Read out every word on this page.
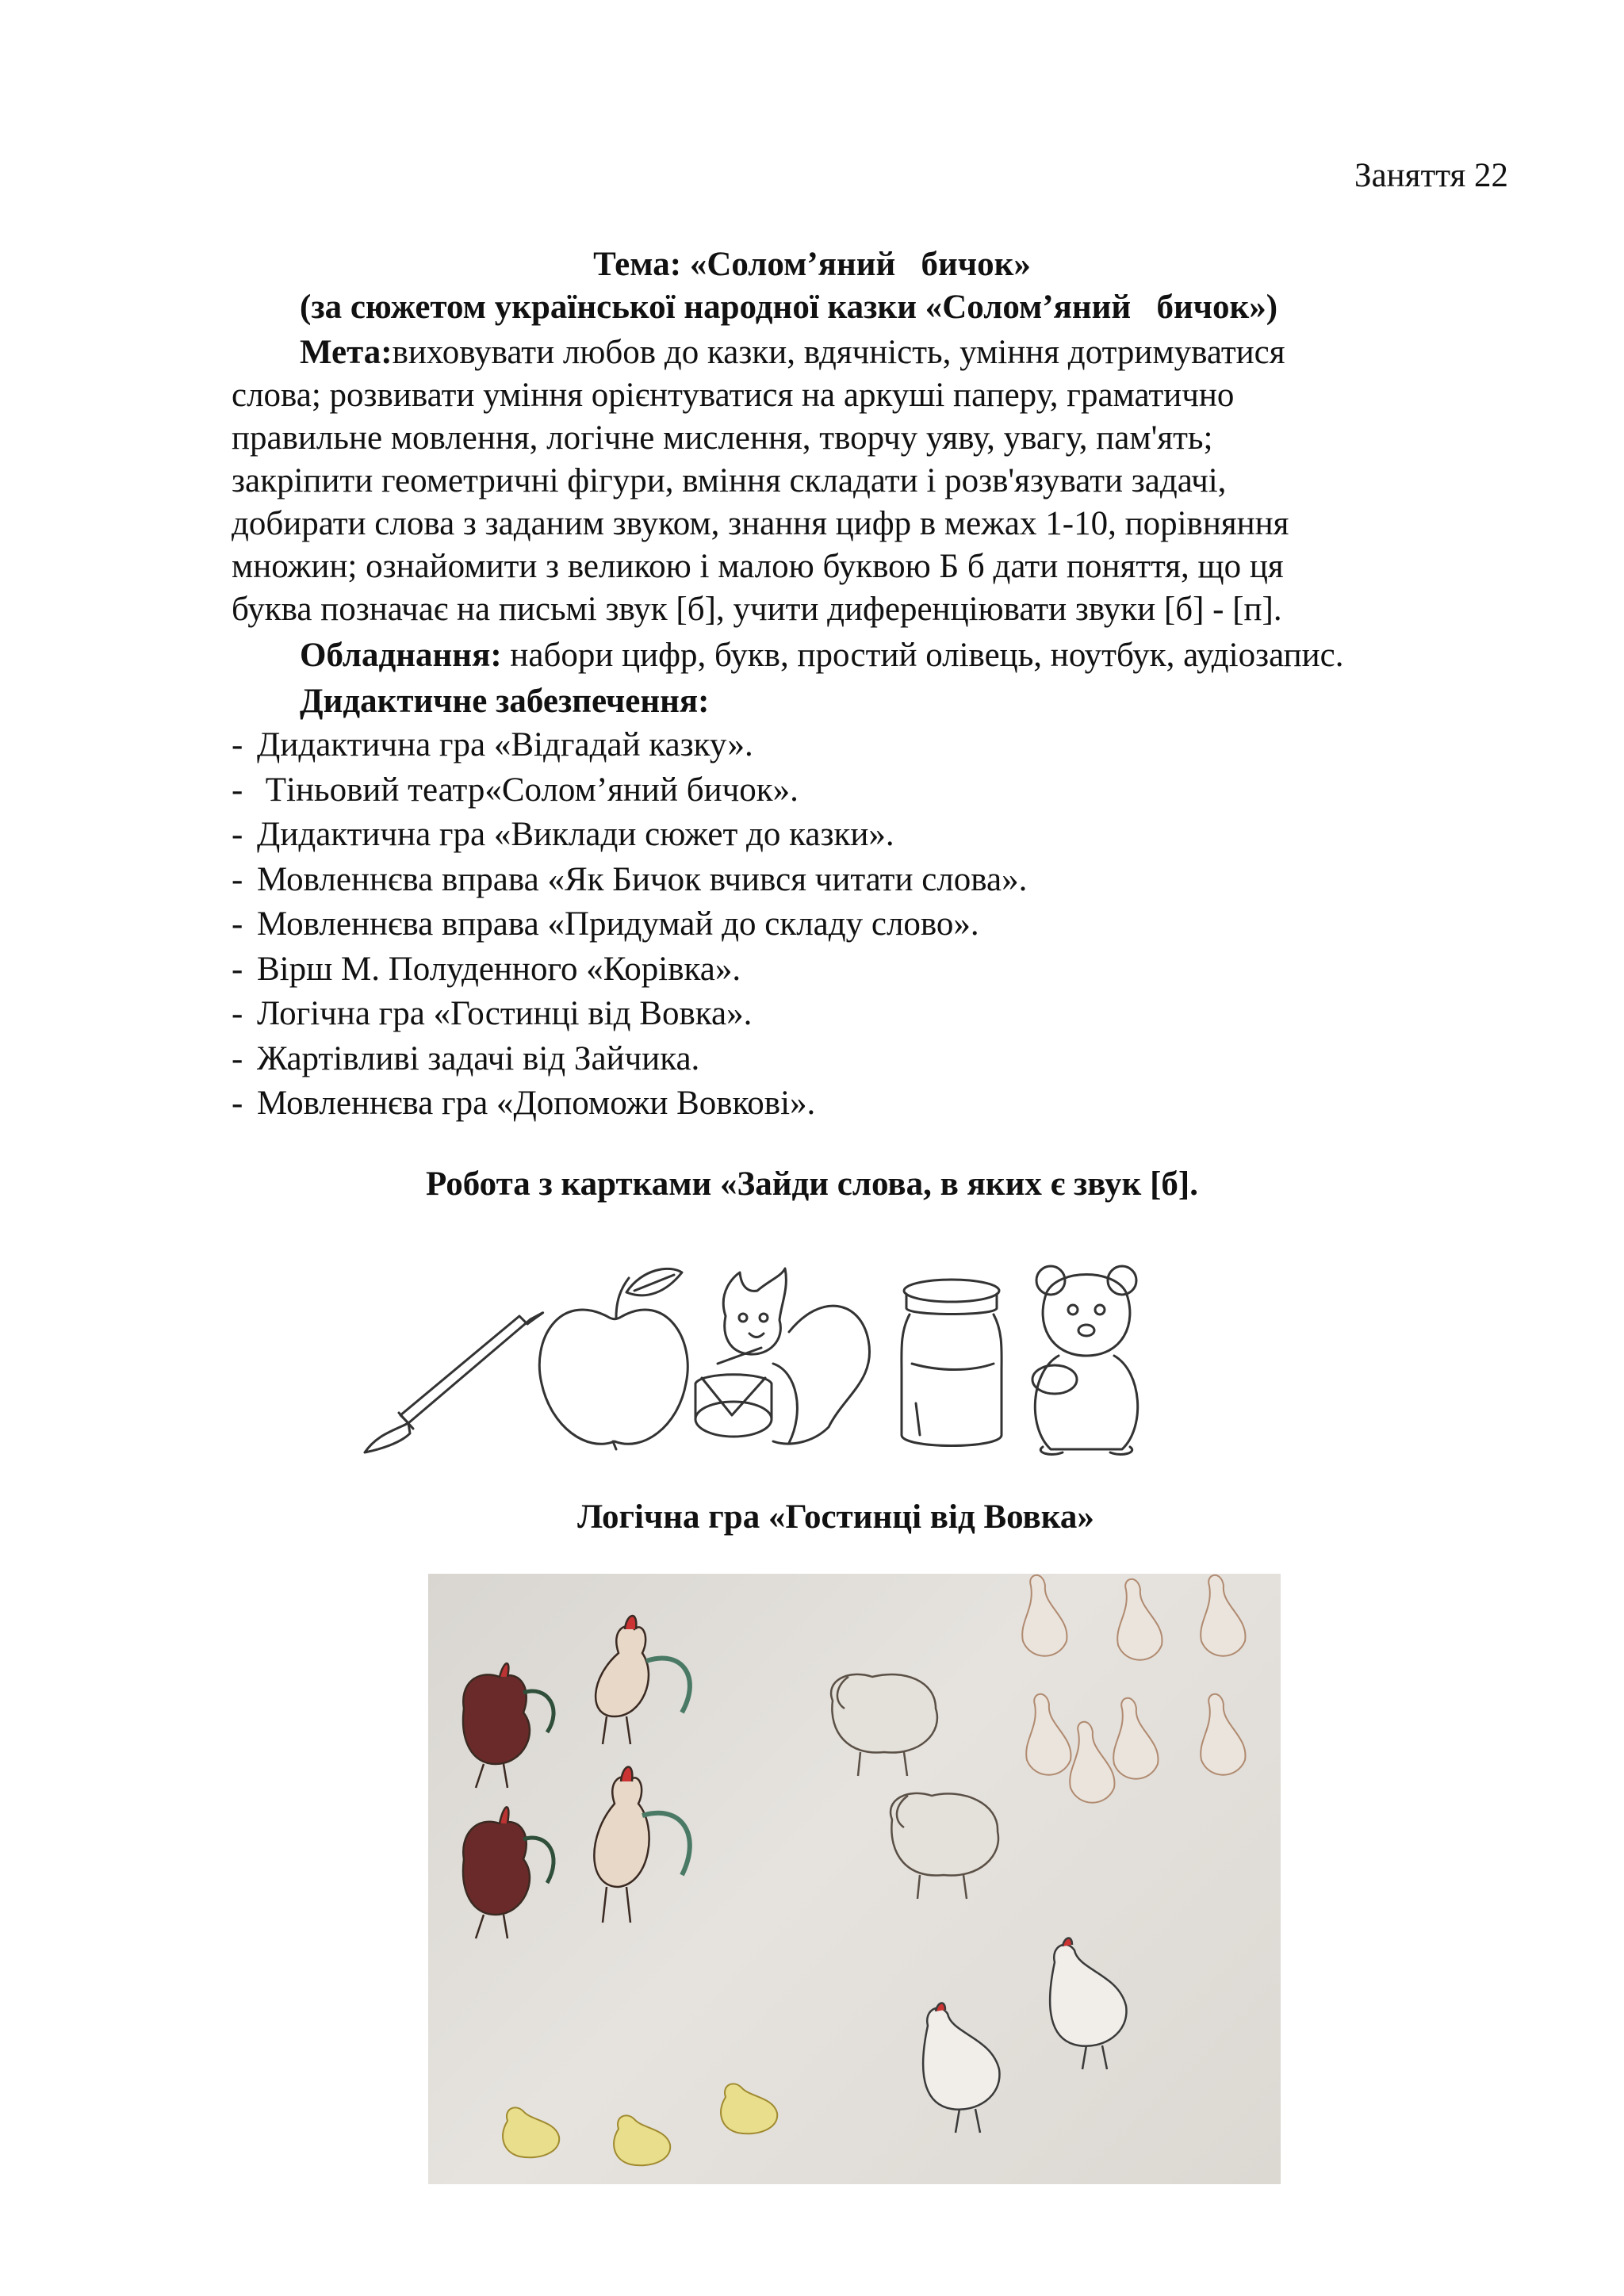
Заняття 22
Тема: «Солом’яний   бичок»
(за сюжетом української народної казки «Солом’яний   бичок»)
Мета:виховувати любов до казки, вдячність, уміння дотримуватися
слова; розвивати уміння орієнтуватися на аркуші паперу, граматично
правильне мовлення, логічне мислення, творчу уяву, увагу, пам'ять;
закріпити геометричні фігури, вміння складати і розв'язувати задачі,
добирати слова з заданим звуком, знання цифр в межах 1-10, порівняння
множин; ознайомити з великою і малою буквою Б б дати поняття, що ця
буква позначає на письмі звук [б], учити диференціювати звуки [б] - [п].
Обладнання: набори цифр, букв, простий олівець, ноутбук, аудіозапис.
Дидактичне забезпечення:
- Дидактична гра «Відгадай казку».
- Тіньовий театр«Солом’яний бичок».
- Дидактична гра «Виклади сюжет до казки».
- Мовленнєва вправа «Як Бичок вчився читати слова».
- Мовленнєва вправа «Придумай до складу слово».
- Вірш М. Полуденного «Корівка».
- Логічна гра «Гостинці від Вовка».
- Жартівливі задачі від Зайчика.
- Мовленнєва гра «Допоможи Вовкові».
Робота з картками «Зайди слова, в яких є звук [б].
Логічна гра «Гостинці від Вовка»
